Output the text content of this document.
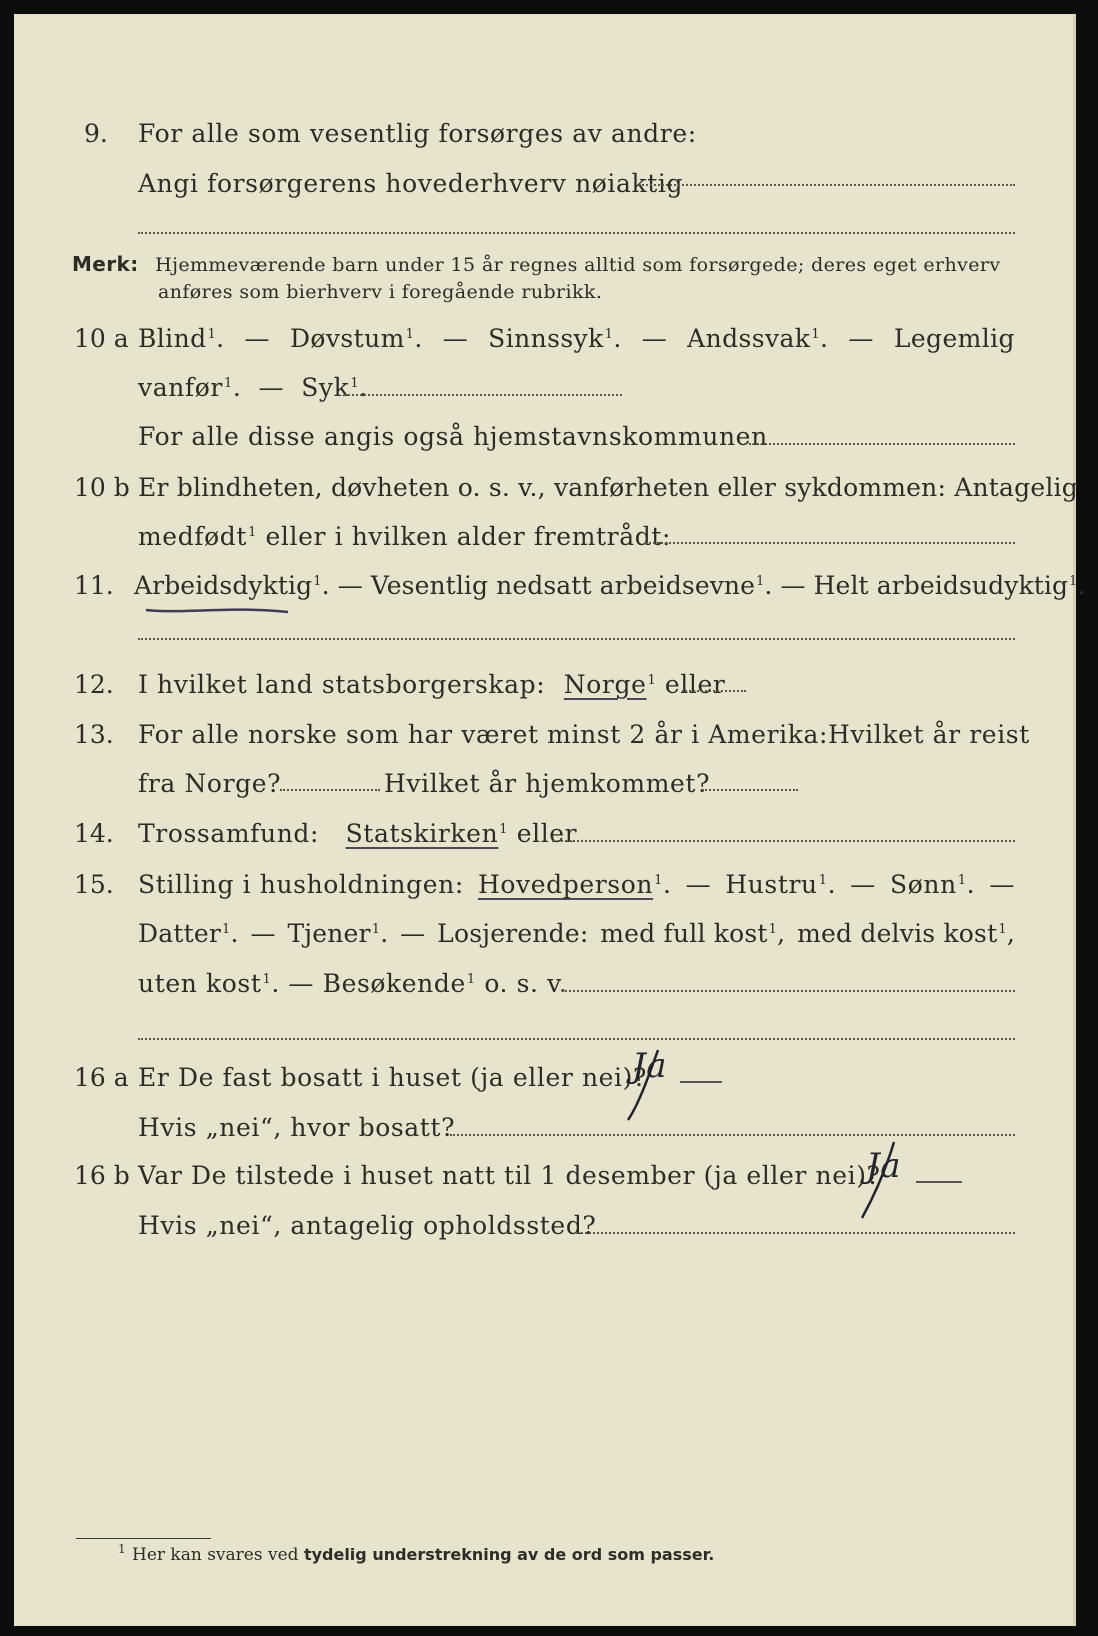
9. For alle som vesentlig forsørges av andre:
Angi forsørgerens hovederhverv nøiaktig
Merk: Hjemmeværende barn under 15 år regnes alltid som forsørgede; deres eget erhverv
anføres som bierhverv i foregående rubrikk.
10 a Blind$^1$. — Døvstum$^1$. — Sinnssyk$^1$. — Andssvak$^1$. — Legemlig
vanfør$^1$.  —  Syk$^1$.
For alle disse angis også hjemstavnskommunen
10 b Er blindheten, døvheten o. s. v., vanførheten eller sykdommen: Antagelig
medfødt$^1$ eller i hvilken alder fremtrådt:
11. Arbeidsdyktig$^1$. — Vesentlig nedsatt arbeidsevne$^1$. — Helt arbeidsudyktig$^1$.
12. I hvilket land statsborgerskap: Norge$^1$ eller
13. For alle norske som har været minst 2 år i Amerika: Hvilket år reist
fra Norge?	Hvilket år hjemkommet?
14. Trossamfund: Statskirken$^1$ eller
15. Stilling i husholdningen: Hovedperson$^1$. — Hustru$^1$. — Sønn$^1$. —
Datter$^1$. — Tjener$^1$. — Losjerende: med full kost$^1$, med delvis kost$^1$,
uten kost$^1$. — Besøkende$^1$ o. s. v.
16 a Er De fast bosatt i huset (ja eller nei)?
Ja
Hvis „nei“, hvor bosatt?
16 b Var De tilstede i huset natt til 1 desember (ja eller nei)?
Ja
Hvis „nei“, antagelig opholdssted?
1 Her kan svares ved tydelig understrekning av de ord som passer.
